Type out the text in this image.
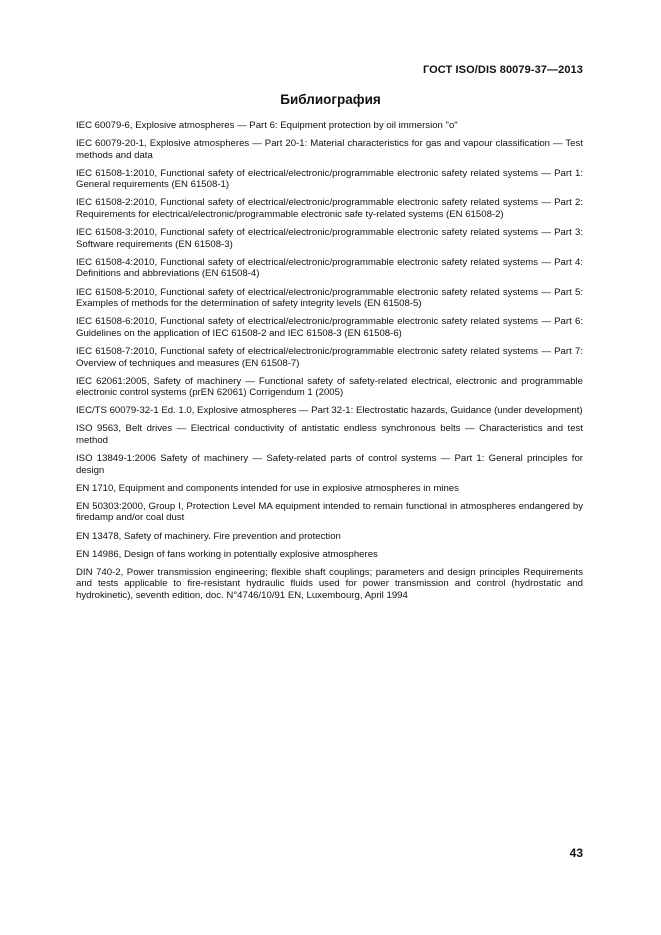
ГОСТ ISO/DIS 80079-37—2013
Библиография

IEC 60079-6, Explosive atmospheres — Part 6: Equipment protection by oil immersion "o"

IEC 60079-20-1, Explosive atmospheres — Part 20-1: Material characteristics for gas and vapour classification — Test methods and data

IEC 61508-1:2010, Functional safety of electrical/electronic/programmable electronic safety related systems — Part 1: General requirements (EN 61508-1)

IEC 61508-2:2010, Functional safety of electrical/electronic/programmable electronic safety related systems — Part 2: Requirements for electrical/electronic/programmable electronic safe ty-related systems (EN 61508-2)

IEC 61508-3:2010, Functional safety of electrical/electronic/programmable electronic safety related systems — Part 3: Software requirements (EN 61508-3)

IEC 61508-4:2010, Functional safety of electrical/electronic/programmable electronic safety related systems — Part 4: Definitions and abbreviations (EN 61508-4)

IEC 61508-5:2010, Functional safety of electrical/electronic/programmable electronic safety related systems — Part 5: Examples of methods for the determination of safety integrity levels (EN 61508-5)

IEC 61508-6:2010, Functional safety of electrical/electronic/programmable electronic safety related systems — Part 6: Guidelines on the application of IEC 61508-2 and IEC 61508-3 (EN 61508-6)

IEC 61508-7:2010, Functional safety of electrical/electronic/programmable electronic safety related systems — Part 7: Overview of techniques and measures (EN 61508-7)

IEC 62061:2005, Safety of machinery — Functional safety of safety-related electrical, electronic and programmable electronic control systems (prEN 62061) Corrigendum 1 (2005)

IEC/TS 60079-32-1 Ed. 1.0, Explosive atmospheres — Part 32-1: Electrostatic hazards, Guidance (under development)

ISO 9563, Belt drives — Electrical conductivity of antistatic endless synchronous belts — Characteristics and test method

ISO 13849-1:2006 Safety of machinery — Safety-related parts of control systems — Part 1: General principles for design

EN 1710, Equipment and components intended for use in explosive atmospheres in mines

EN 50303:2000, Group I, Protection Level MA equipment intended to remain functional in atmospheres endangered by firedamp and/or coal dust

EN 13478, Safety of machinery. Fire prevention and protection

EN 14986, Design of fans working in potentially explosive atmospheres

DIN 740-2, Power transmission engineering; flexible shaft couplings; parameters and design principles Requirements and tests applicable to fire-resistant hydraulic fluids used for power transmission and control (hydrostatic and hydrokinetic), seventh edition, doc. N°4746/10/91 EN, Luxembourg, April 1994

43
